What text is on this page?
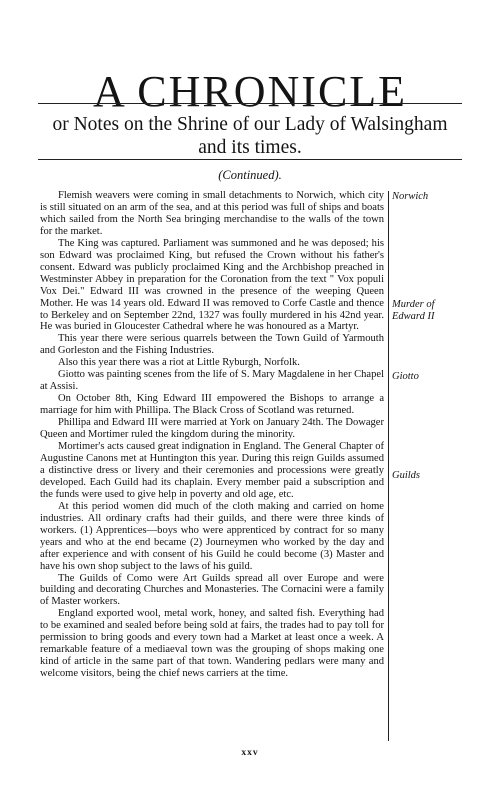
A CHRONICLE
or Notes on the Shrine of our Lady of Walsingham
and its times.
(Continued).

Flemish weavers were coming in small detachments to Norwich, which city is still situated on an arm of the sea, and at this period was full of ships and boats which sailed from the North Sea bringing merchandise to the walls of the town for the market.

The King was captured. Parliament was summoned and he was deposed; his son Edward was proclaimed King, but refused the Crown without his father's consent. Edward was publicly proclaimed King and the Archbishop preached in Westminster Abbey in preparation for the Coronation from the text " Vox populi Vox Dei." Edward III was crowned in the presence of the weeping Queen Mother. He was 14 years old. Edward II was removed to Corfe Castle and thence to Berkeley and on September 22nd, 1327 was foully murdered in his 42nd year. He was buried in Gloucester Cathedral where he was honoured as a Martyr.

This year there were serious quarrels between the Town Guild of Yarmouth and Gorleston and the Fishing Industries.

Also this year there was a riot at Little Ryburgh, Norfolk.

Giotto was painting scenes from the life of S. Mary Magdalene in her Chapel at Assisi.

On October 8th, King Edward III empowered the Bishops to arrange a marriage for him with Phillipa. The Black Cross of Scotland was returned.

Phillipa and Edward III were married at York on January 24th. The Dowager Queen and Mortimer ruled the kingdom during the minority.

Mortimer's acts caused great indignation in England. The General Chapter of Augustine Canons met at Huntington this year. During this reign Guilds assumed a distinctive dress or livery and their ceremonies and processions were greatly developed. Each Guild had its chaplain. Every member paid a subscription and the funds were used to give help in poverty and old age, etc.

At this period women did much of the cloth making and carried on home industries. All ordinary crafts had their guilds, and there were three kinds of workers. (1) Apprentices—boys who were apprenticed by contract for so many years and who at the end became (2) Journeymen who worked by the day and after experience and with consent of his Guild he could become (3) Master and have his own shop subject to the laws of his guild.

The Guilds of Como were Art Guilds spread all over Europe and were building and decorating Churches and Monasteries. The Cornacini were a family of Master workers.

England exported wool, metal work, honey, and salted fish. Everything had to be examined and sealed before being sold at fairs, the trades had to pay toll for permission to bring goods and every town had a Market at least once a week. A remarkable feature of a mediaeval town was the grouping of shops making one kind of article in the same part of that town. Wandering pedlars were many and welcome visitors, being the chief news carriers at the time.

Norwich
Murder of
Edward II
Giotto
Guilds
xxv
